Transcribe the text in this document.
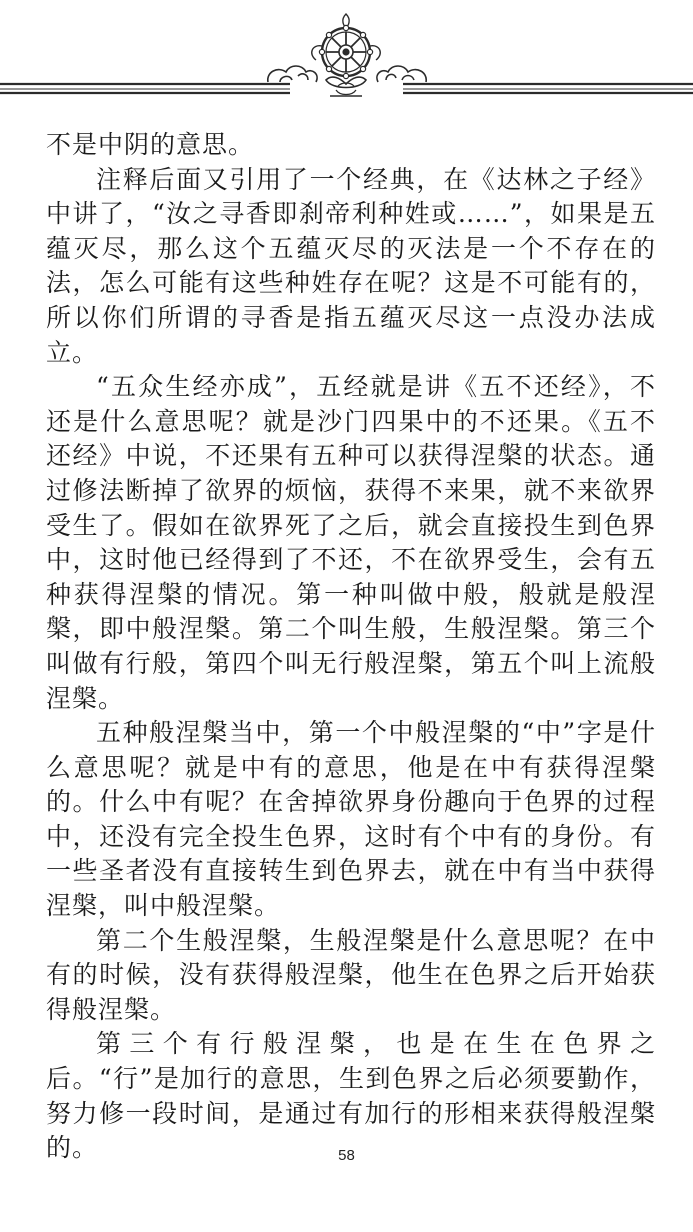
不是中阴的意思。

注释后面又引用了一个经典，在《达林之子经》中讲了，“汝之寻香即刹帝利种姓或……”，如果是五蕴灭尽，那么这个五蕴灭尽的灭法是一个不存在的法，怎么可能有这些种姓存在呢？这是不可能有的，所以你们所谓的寻香是指五蕴灭尽这一点没办法成立。

“五众生经亦成”，五经就是讲《五不还经》，不还是什么意思呢？就是沙门四果中的不还果。《五不还经》中说，不还果有五种可以获得涅槃的状态。通过修法断掉了欲界的烦恼，获得不来果，就不来欲界受生了。假如在欲界死了之后，就会直接投生到色界中，这时他已经得到了不还，不在欲界受生，会有五种获得涅槃的情况。第一种叫做中般，般就是般涅槃，即中般涅槃。第二个叫生般，生般涅槃。第三个叫做有行般，第四个叫无行般涅槃，第五个叫上流般涅槃。

五种般涅槃当中，第一个中般涅槃的“中”字是什么意思呢？就是中有的意思，他是在中有获得涅槃的。什么中有呢？在舍掉欲界身份趣向于色界的过程中，还没有完全投生色界，这时有个中有的身份。有一些圣者没有直接转生到色界去，就在中有当中获得涅槃，叫中般涅槃。

第二个生般涅槃，生般涅槃是什么意思呢？在中有的时候，没有获得般涅槃，他生在色界之后开始获得般涅槃。

第三个有行般涅槃，也是在生在色界之后。“行”是加行的意思，生到色界之后必须要勤作，努力修一段时间，是通过有加行的形相来获得般涅槃的。	58
